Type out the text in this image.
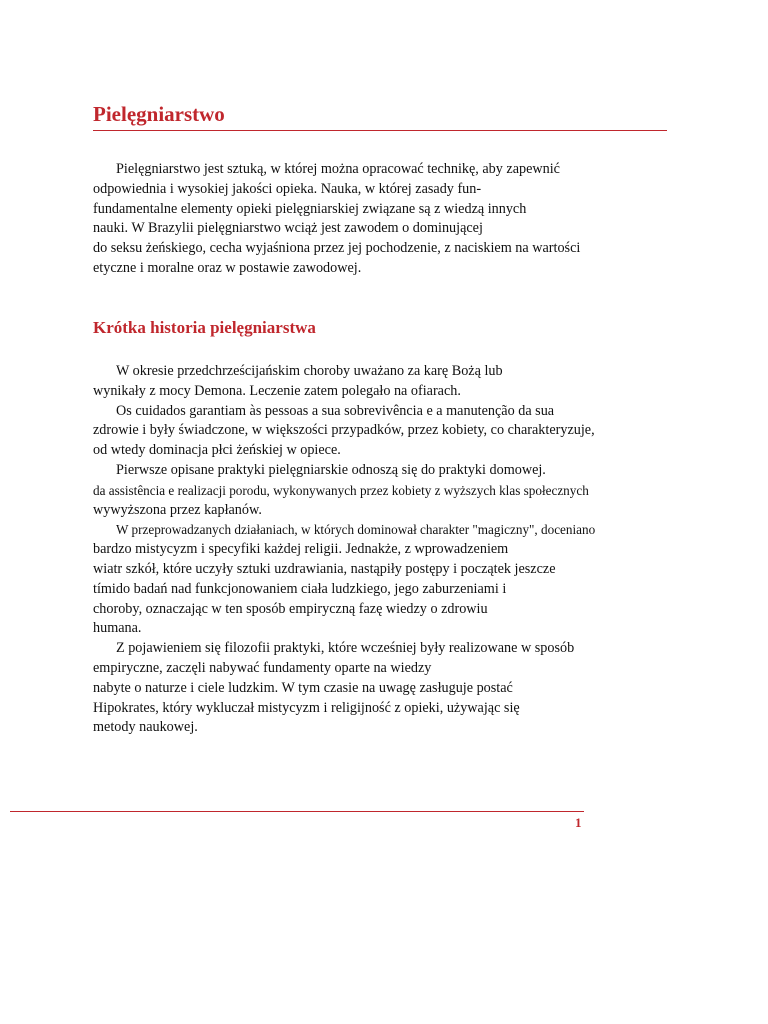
Pielęgniarstwo
Pielęgniarstwo jest sztuką, w której można opracować technikę, aby zapewnić
odpowiednia i wysokiej jakości opieka. Nauka, w której zasady fun-
fundamentalne elementy opieki pielęgniarskiej związane są z wiedzą innych
nauki. W Brazylii pielęgniarstwo wciąż jest zawodem o dominującej
do seksu żeńskiego, cecha wyjaśniona przez jej pochodzenie, z naciskiem na wartości
etyczne i moralne oraz w postawie zawodowej.
Krótka historia pielęgniarstwa
W okresie przedchrześcijańskim choroby uważano za karę Bożą lub
wynikały z mocy Demona. Leczenie zatem polegało na ofiarach.
Os cuidados garantiam às pessoas a sua sobrevivência e a manutenção da sua
zdrowie i były świadczone, w większości przypadków, przez kobiety, co charakteryzuje,
od wtedy dominacja płci żeńskiej w opiece.
Pierwsze opisane praktyki pielęgniarskie odnoszą się do praktyki domowej.
da assistência e realizacji porodu, wykonywanych przez kobiety z wyższych klas społecznych
wywyższona przez kapłanów.
W przeprowadzanych działaniach, w których dominował charakter "magiczny", doceniano
bardzo mistycyzm i specyfiki każdej religii. Jednakże, z wprowadzeniem
wiatr szkół, które uczyły sztuki uzdrawiania, nastąpiły postępy i początek jeszcze
tímido badań nad funkcjonowaniem ciała ludzkiego, jego zaburzeniami i
choroby, oznaczając w ten sposób empiryczną fazę wiedzy o zdrowiu
humana.
Z pojawieniem się filozofii praktyki, które wcześniej były realizowane w sposób
empiryczne, zaczęli nabywać fundamenty oparte na wiedzy
nabyte o naturze i ciele ludzkim. W tym czasie na uwagę zasługuje postać
Hipokrates, który wykluczał mistycyzm i religijność z opieki, używając się
metody naukowej.
1
